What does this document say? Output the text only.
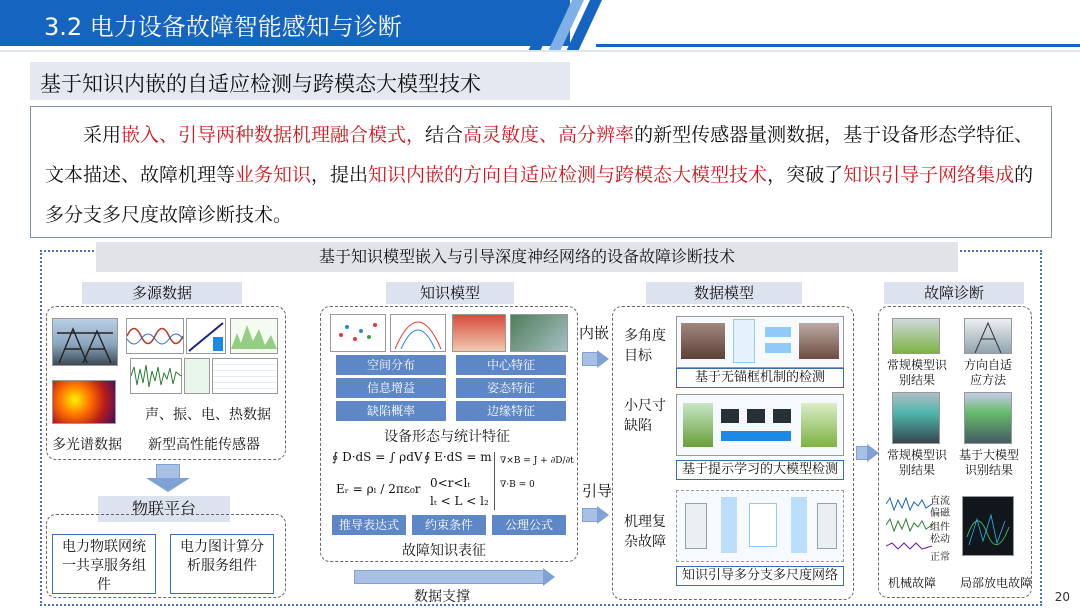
3.2 电力设备故障智能感知与诊断
基于知识内嵌的自适应检测与跨模态大模型技术
采用嵌入、引导两种数据机理融合模式，结合高灵敏度、高分辨率的新型传感器量测数据，基于设备形态学特征、文本描述、故障机理等业务知识，提出知识内嵌的方向自适应检测与跨模态大模型技术，突破了知识引导子网络集成的多分支多尺度故障诊断技术。
基于知识模型嵌入与引导深度神经网络的设备故障诊断技术
多源数据
声、振、电、热数据
多光谱数据 新型高性能传感器
物联平台
电力物联网统一共享服务组件
电力图计算分析服务组件
知识模型
空间分布	中心特征
信息增益	姿态特征
缺陷概率	边缘特征
设备形态与统计特征
∮ D·dS = ∫ ρdV ∮ E·dS = m
Eᵣ = ρₗ / 2πε₀r 0<r<lₜ
lₜ < L < l₂
∇×B = J + ∂D/∂t
∇·B = 0
推导表达式	约束条件	公理公式
故障知识表征
数据支撑
内嵌
引导
数据模型
多角度目标
基于无锚框机制的检测
小尺寸缺陷
基于提示学习的大模型检测
机理复杂故障
知识引导多分支多尺度网络
故障诊断
常规模型识别结果
方向自适应方法
常规模型识别结果
基于大模型识别结果
直流偏磁
组件松动
正常
机械故障 局部放电故障
20
